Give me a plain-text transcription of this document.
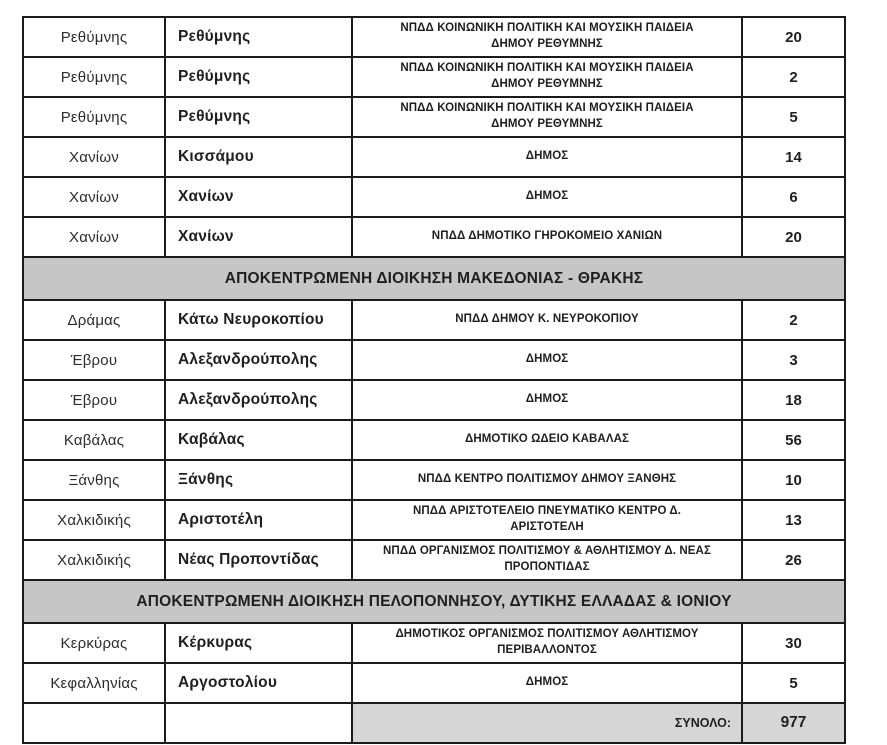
Ρεθύμνης	Ρεθύμνης	ΝΠΔΔ ΚΟΙΝΩΝΙΚΗ ΠΟΛΙΤΙΚΗ ΚΑΙ ΜΟΥΣΙΚΗ ΠΑΙΔΕΙΑ ΔΗΜΟΥ ΡΕΘΥΜΝΗΣ	20
Ρεθύμνης	Ρεθύμνης	ΝΠΔΔ ΚΟΙΝΩΝΙΚΗ ΠΟΛΙΤΙΚΗ ΚΑΙ ΜΟΥΣΙΚΗ ΠΑΙΔΕΙΑ ΔΗΜΟΥ ΡΕΘΥΜΝΗΣ	2
Ρεθύμνης	Ρεθύμνης	ΝΠΔΔ ΚΟΙΝΩΝΙΚΗ ΠΟΛΙΤΙΚΗ ΚΑΙ ΜΟΥΣΙΚΗ ΠΑΙΔΕΙΑ ΔΗΜΟΥ ΡΕΘΥΜΝΗΣ	5
Χανίων	Κισσάμου	ΔΗΜΟΣ	14
Χανίων	Χανίων	ΔΗΜΟΣ	6
Χανίων	Χανίων	ΝΠΔΔ ΔΗΜΟΤΙΚΟ ΓΗΡΟΚΟΜΕΙΟ ΧΑΝΙΩΝ	20
ΑΠΟΚΕΝΤΡΩΜΕΝΗ ΔΙΟΙΚΗΣΗ ΜΑΚΕΔΟΝΙΑΣ - ΘΡΑΚΗΣ			
Δράμας	Κάτω Νευροκοπίου	ΝΠΔΔ ΔΗΜΟΥ Κ. ΝΕΥΡΟΚΟΠΙΟΥ	2
Έβρου	Αλεξανδρούπολης	ΔΗΜΟΣ	3
Έβρου	Αλεξανδρούπολης	ΔΗΜΟΣ	18
Καβάλας	Καβάλας	ΔΗΜΟΤΙΚΟ ΩΔΕΙΟ ΚΑΒΑΛΑΣ	56
Ξάνθης	Ξάνθης	ΝΠΔΔ ΚΕΝΤΡΟ ΠΟΛΙΤΙΣΜΟΥ ΔΗΜΟΥ ΞΑΝΘΗΣ	10
Χαλκιδικής	Αριστοτέλη	ΝΠΔΔ ΑΡΙΣΤΟΤΕΛΕΙΟ ΠΝΕΥΜΑΤΙΚΟ ΚΕΝΤΡΟ Δ. ΑΡΙΣΤΟΤΕΛΗ	13
Χαλκιδικής	Νέας Προποντίδας	ΝΠΔΔ ΟΡΓΑΝΙΣΜΟΣ ΠΟΛΙΤΙΣΜΟΥ & ΑΘΛΗΤΙΣΜΟΥ Δ. ΝΕΑΣ ΠΡΟΠΟΝΤΙΔΑΣ	26
ΑΠΟΚΕΝΤΡΩΜΕΝΗ ΔΙΟΙΚΗΣΗ ΠΕΛΟΠΟΝΝΗΣΟΥ, ΔΥΤΙΚΗΣ ΕΛΛΑΔΑΣ & ΙΟΝΙΟΥ			
Κερκύρας	Κέρκυρας	ΔΗΜΟΤΙΚΟΣ ΟΡΓΑΝΙΣΜΟΣ ΠΟΛΙΤΙΣΜΟΥ ΑΘΛΗΤΙΣΜΟΥ ΠΕΡΙΒΑΛΛΟΝΤΟΣ	30
Κεφαλληνίας	Αργοστολίου	ΔΗΜΟΣ	5
		ΣΥΝΟΛΟ:	977
